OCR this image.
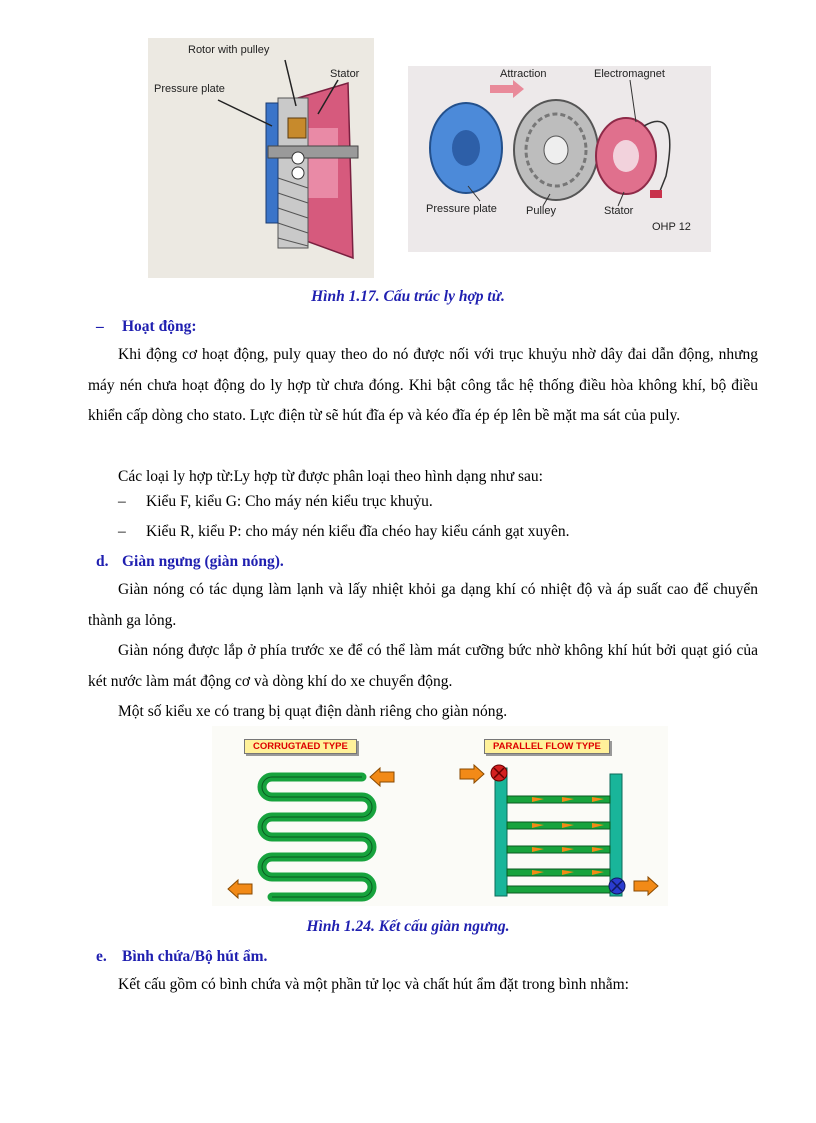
Rotor with pulley
Stator
Pressure plate
Attraction	Electromagnet
Pressure plate	Pulley	Stator
OHP 12
Hình 1.17. Cấu trúc ly hợp từ.
– Hoạt động:
Khi động cơ hoạt động, puly quay theo do nó được nối với trục khuỷu nhờ dây đai dẫn động, nhưng máy nén chưa hoạt động do ly hợp từ chưa đóng. Khi bật công tắc hệ thống điều hòa không khí, bộ điều khiển cấp dòng cho stato. Lực điện từ sẽ hút đĩa ép và kéo đĩa ép ép lên bề mặt ma sát của puly.
Các loại ly hợp từ:Ly hợp từ được phân loại theo hình dạng như sau:
– Kiểu F, kiểu G: Cho máy nén kiểu trục khuỷu.
– Kiểu R, kiểu P: cho máy nén kiểu đĩa chéo hay kiểu cánh gạt xuyên.
d. Giàn ngưng (giàn nóng).
Giàn nóng có tác dụng làm lạnh và lấy nhiệt khỏi ga dạng khí có nhiệt độ và áp suất cao để chuyển thành ga lỏng.
Giàn nóng được lắp ở phía trước xe để có thể làm mát cưỡng bức nhờ không khí hút bởi quạt gió của két nước làm mát động cơ và dòng khí do xe chuyển động.
Một số kiểu xe có trang bị quạt điện dành riêng cho giàn nóng.
CORRUGTAED TYPE	PARALLEL FLOW TYPE
Hình 1.24. Kết cấu giàn ngưng.
e. Bình chứa/Bộ hút ẩm.
Kết cấu gồm có bình chứa và một phần tử lọc và chất hút ẩm đặt trong bình nhằm:
